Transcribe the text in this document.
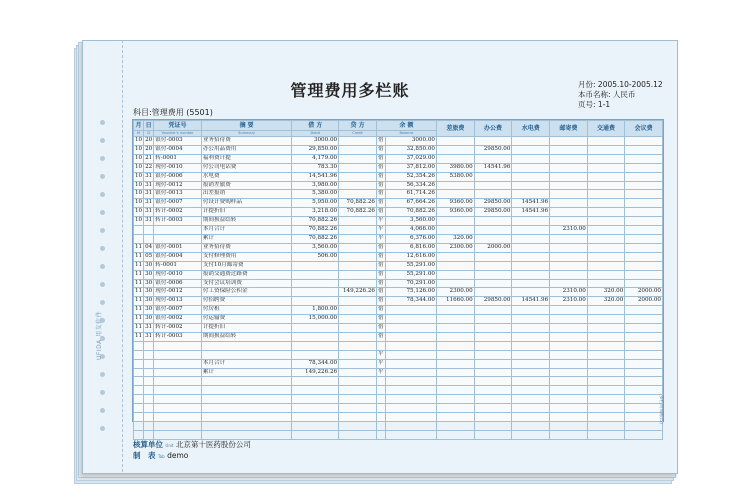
UFIDA 用友软件
管理费用多栏账	月份: 2005.10-2005.12
本币名称: 人民币
页号: 1-1
科目:管理费用 (5501)
月	日	凭证号	摘 要	借 方	贷 方	余 额		差旅费	办公费	水电费	邮寄费	交通费	会议费
M	D	Voucher's number	Summary	Debit	Credit	Balance							
10	20	银付-0003	业务招待费	3000.00		借	3000.00						
10	20	银付-0004	办公用品费用	29,850.00		借	32,850.00		29850.00				
10	21	转-0001	福利费计提	4,179.00		借	37,029.00						
10	22	现付-0010	付公司电话费	783.30		借	37,812.00	3980.00	14541.96				
10	31	银付-0006	水电费	14,541.96		借	52,354.26	5380.00					
10	31	现付-0012	报销差旅费	3,980.00		借	56,334.26						
10	31	银付-0013	出差报销	5,380.00		借	61,714.26						
10	31	银付-0007	付设计费购样品	5,950.00	70,882.26	借	67,664.26	9360.00	29850.00	14541.96			
10	31	转计-0002	计提折旧	3,218.00	70,882.26	借	70,882.26	9360.00	29850.00	14541.96			
10	31	转计-0003	期间损益结转	70,882.26		平	3,560.00						
			本月合计	70,882.26		平	4,066.00				2310.00		
			累计	70,882.26		平	6,376.00	320.00					
11	04	银付-0001	业务招待费	3,560.00		借	6,816.00	2300.00	2000.00				
11	05	银付-0004	支付修理费用	506.00		借	12,616.00						
11	30	转-0001	支付10月邮寄费			借	55,291.00						
11	30	现付-0010	报销交通费过路费			借	55,291.00						
11	30	银付-0006	支付会议培训费			借	70,291.00						
11	30	现付-0012	付工资保险公积金		149,226.26	借	75,126.00	2300.00			2310.00	320.00	2000.00
11	30	现付-0013	付招聘费			借	78,344.00	11660.00	29850.00	14541.96	2310.00	320.00	2000.00
11	30	银付-0007	付房租	1,800.00		借							
11	30	银付-0002	付运输费	15,000.00		借							
11	31	转计-0002	计提折旧			借							
11	31	转计-0003	期间损益结转			借							

						平							
			本月合计	78,344.00		平							
			累计	149,226.26		平							

核算单位 Unit 北京第十医药股份公司
制　表 Tab demo
多栏明细账(5)
